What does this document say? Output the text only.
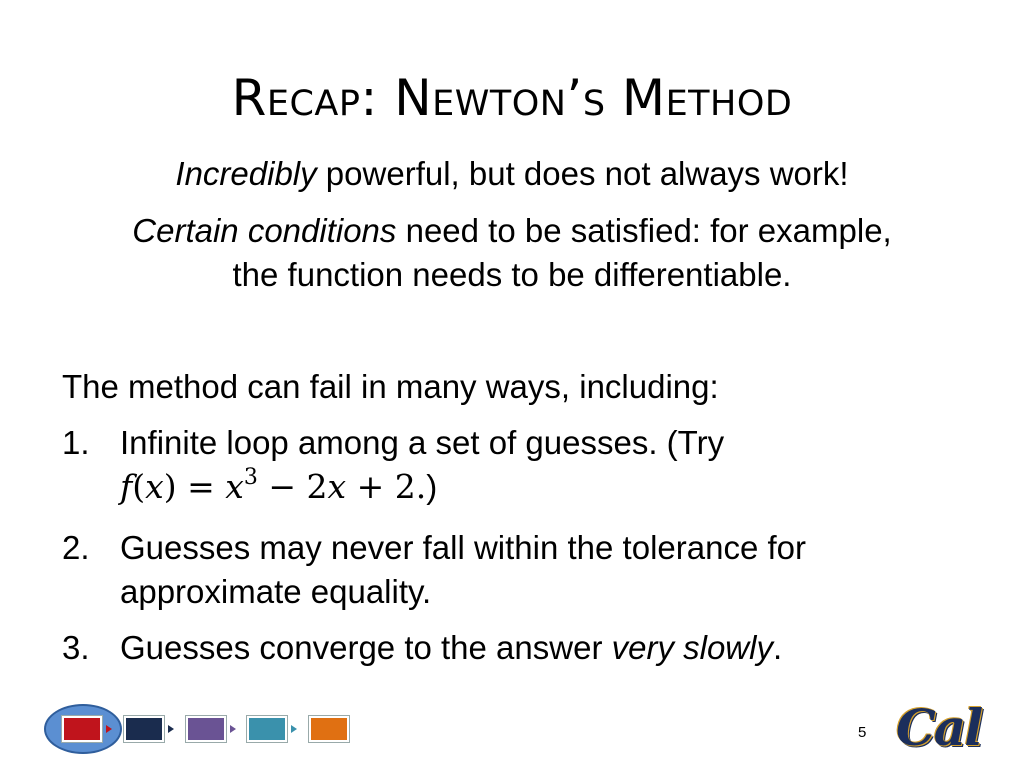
Recap: Newton’s Method
Incredibly powerful, but does not always work!
Certain conditions need to be satisfied: for example,
the function needs to be differentiable.
The method can fail in many ways, including:
1. Infinite loop among a set of guesses. (Try
$f(x) = x^3 - 2x + 2$.)
2. Guesses may never fall within the tolerance for
approximate equality.
3. Guesses converge to the answer very slowly.
5 Cal
